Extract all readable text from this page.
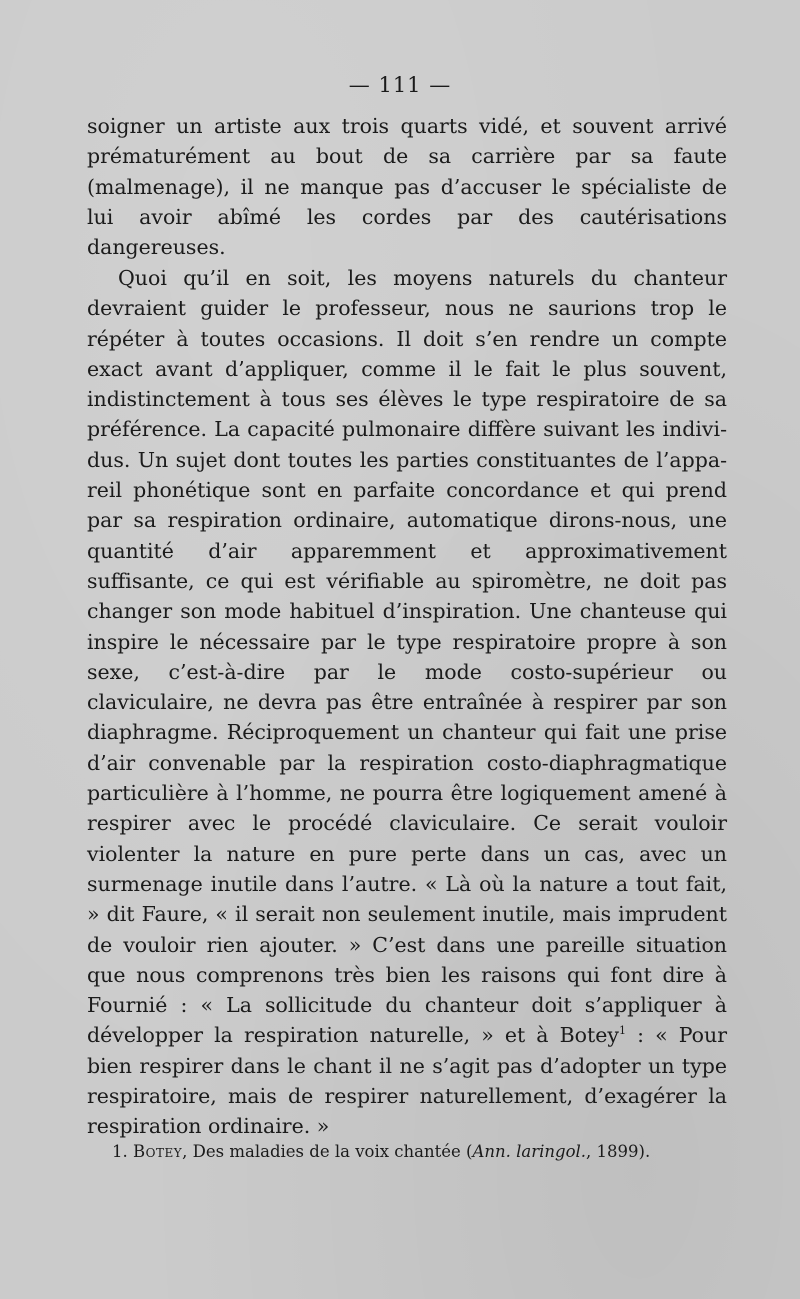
— 111 —

soigner un artiste aux trois quarts vidé, et souvent arrivé prématurément au bout de sa carrière par sa faute (malmenage), il ne manque pas d’accuser le spécialiste de lui avoir abîmé les cordes par des cautérisations dangereuses.

Quoi qu’il en soit, les moyens naturels du chanteur devraient guider le professeur, nous ne saurions trop le répéter à toutes occasions. Il doit s’en rendre un compte exact avant d’appliquer, comme il le fait le plus souvent, indistinctement à tous ses élèves le type respiratoire de sa préférence. La capacité pulmonaire diffère suivant les individus. Un sujet dont toutes les parties constituantes de l’appareil phonétique sont en parfaite concordance et qui prend par sa respiration ordinaire, automatique dirons-nous, une quantité d’air apparemment et approximativement suffisante, ce qui est vérifiable au spiromètre, ne doit pas changer son mode habituel d’inspiration. Une chanteuse qui inspire le nécessaire par le type respiratoire propre à son sexe, c’est-à-dire par le mode costo-supérieur ou claviculaire, ne devra pas être entraînée à respirer par son diaphragme. Réciproquement un chanteur qui fait une prise d’air convenable par la respiration costo-diaphragmatique particulière à l’homme, ne pourra être logiquement amené à respirer avec le procédé claviculaire. Ce serait vouloir violenter la nature en pure perte dans un cas, avec un surmenage inutile dans l’autre. « Là où la nature a tout fait, » dit Faure, « il serait non seulement inutile, mais imprudent de vouloir rien ajouter. » C’est dans une pareille situation que nous comprenons très bien les raisons qui font dire à Fournié : « La sollicitude du chanteur doit s’appliquer à développer la respiration naturelle, » et à Botey$^1$ : « Pour bien respirer dans le chant il ne s’agit pas d’adopter un type respiratoire, mais de respirer naturellement, d’exagérer la respiration ordinaire. »

1. Botey, Des maladies de la voix chantée (Ann. laringol., 1899).
